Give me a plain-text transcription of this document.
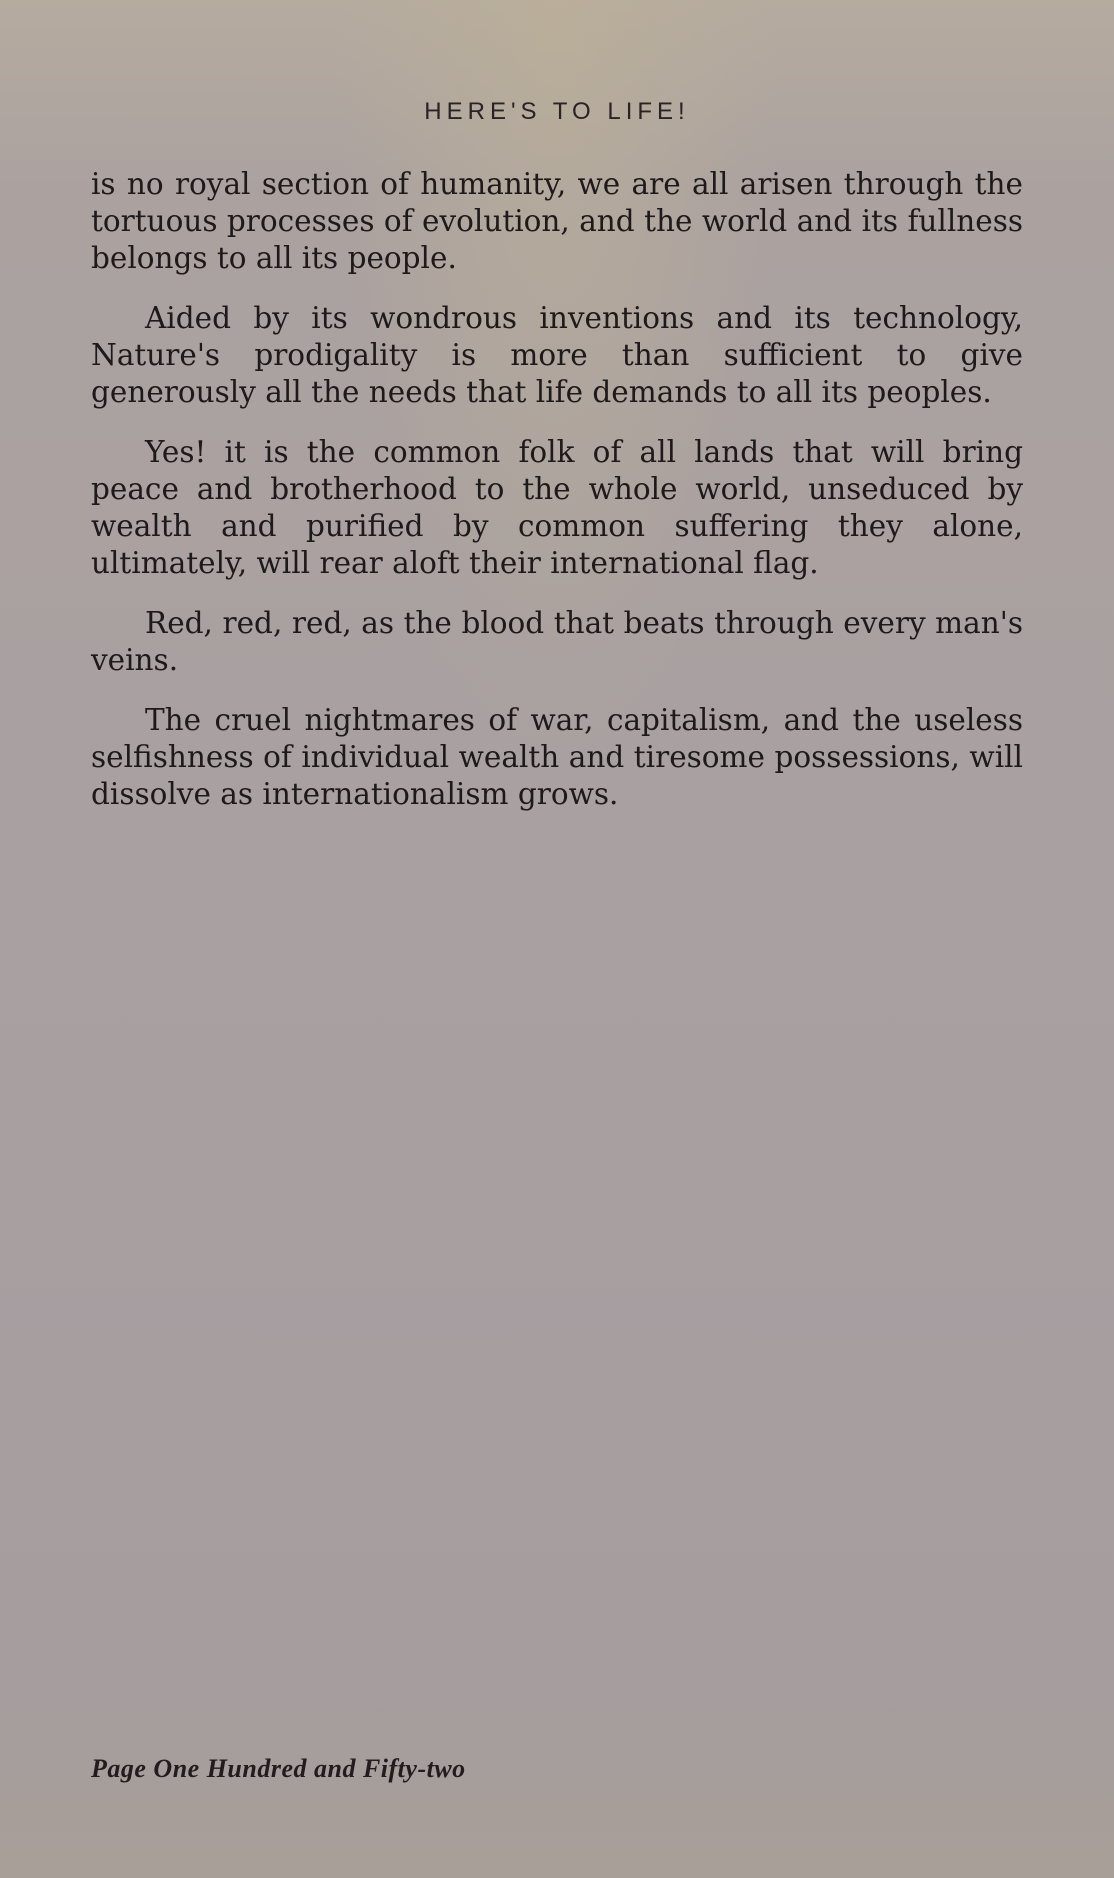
HERE'S TO LIFE!

is no royal section of humanity, we are all arisen through the tortuous processes of evolution, and the world and its fullness belongs to all its people.

Aided by its wondrous inventions and its technology, Nature's prodigality is more than sufficient to give generously all the needs that life demands to all its peoples.

Yes! it is the common folk of all lands that will bring peace and brotherhood to the whole world, unseduced by wealth and purified by common suffering they alone, ultimately, will rear aloft their international flag.

Red, red, red, as the blood that beats through every man's veins.

The cruel nightmares of war, capitalism, and the useless selfishness of individual wealth and tiresome possessions, will dissolve as internationalism grows.

Page One Hundred and Fifty-two
